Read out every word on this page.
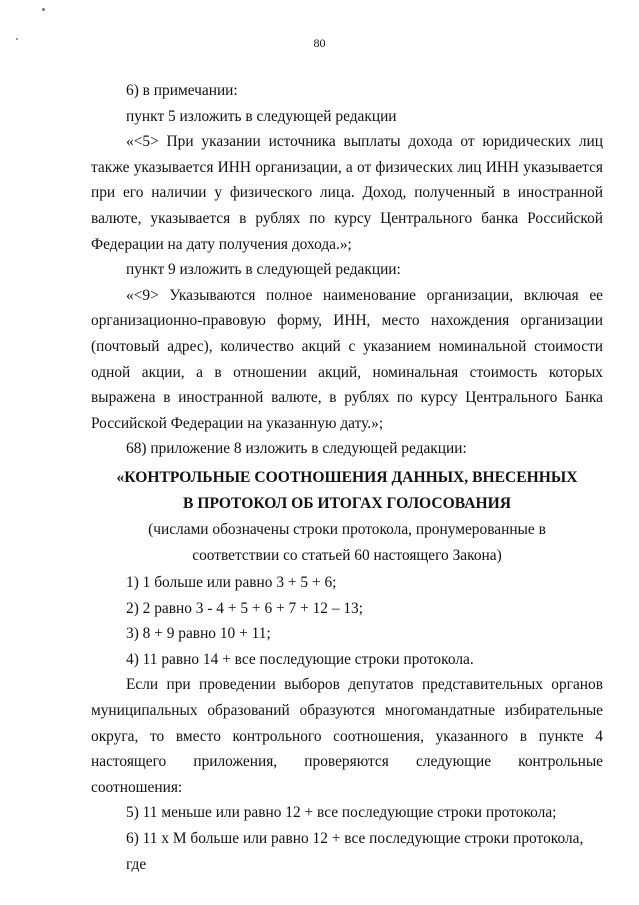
80

6) в примечании:

пункт 5 изложить в следующей редакции

«<5> При указании источника выплаты дохода от юридических лиц также указывается ИНН организации, а от физических лиц ИНН указывается при его наличии у физического лица. Доход, полученный в иностранной валюте, указывается в рублях по курсу Центрального банка Российской Федерации на дату получения дохода.»;

пункт 9 изложить в следующей редакции:

«<9> Указываются полное наименование организации, включая ее организационно-правовую форму, ИНН, место нахождения организации (почтовый адрес), количество акций с указанием номинальной стоимости одной акции, а в отношении акций, номинальная стоимость которых выражена в иностранной валюте, в рублях по курсу Центрального Банка Российской Федерации на указанную дату.»;

68) приложение 8 изложить в следующей редакции:

«КОНТРОЛЬНЫЕ СООТНОШЕНИЯ ДАННЫХ, ВНЕСЕННЫХ

В ПРОТОКОЛ ОБ ИТОГАХ ГОЛОСОВАНИЯ

(числами обозначены строки протокола, пронумерованные в

соответствии со статьей 60 настоящего Закона)

1) 1 больше или равно 3 + 5 + 6;

2) 2 равно 3 - 4 + 5 + 6 + 7 + 12 – 13;

3) 8 + 9 равно 10 + 11;

4) 11 равно 14 + все последующие строки протокола.

Если при проведении выборов депутатов представительных органов муниципальных образований образуются многомандатные избирательные округа, то вместо контрольного соотношения, указанного в пункте 4 настоящего приложения, проверяются следующие контрольные соотношения:

5) 11 меньше или равно 12 + все последующие строки протокола;

6) 11 х М больше или равно 12 + все последующие строки протокола, где
